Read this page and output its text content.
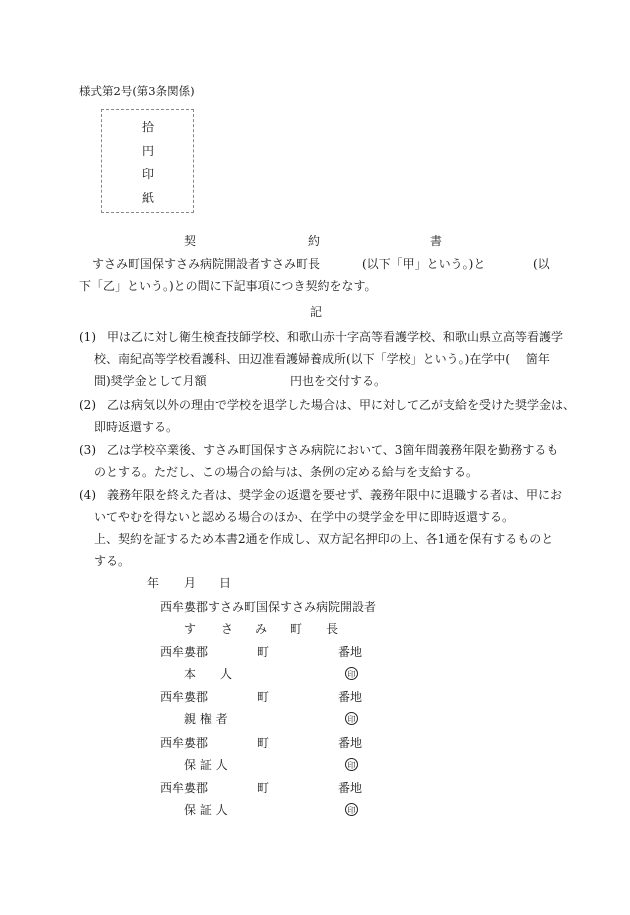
様式第2号(第3条関係)
拾
円
印
紙
契	約	書
すさみ町国保すさみ病院開設者すさみ町長	(以下「甲」という。)と	(以
下「乙」という。)との間に下記事項につき契約をなす。
記
(1) 甲は乙に対し衛生検査技師学校、和歌山赤十字高等看護学校、和歌山県立高等看護学
校、南紀高等学校看護科、田辺准看護婦養成所(以下「学校」という。)在学中(　 箇年
間)奨学金として月額	円也を交付する。
(2) 乙は病気以外の理由で学校を退学した場合は、甲に対して乙が支給を受けた奨学金は、
即時返還する。
(3) 乙は学校卒業後、すさみ町国保すさみ病院において、3箇年間義務年限を勤務するも
のとする。ただし、この場合の給与は、条例の定める給与を支給する。
(4) 義務年限を終えた者は、奨学金の返還を要せず、義務年限中に退職する者は、甲にお
いてやむを得ないと認める場合のほか、在学中の奨学金を甲に即時返還する。
上、契約を証するため本書2通を作成し、双方記名押印の上、各1通を保有するものと
する。
年 月 日
西牟婁郡すさみ町国保すさみ病院開設者
す さ み 町 長
西牟婁郡	町	番地
本　　人	印
西牟婁郡	町	番地
親 権 者	印
西牟婁郡	町	番地
保 証 人	印
西牟婁郡	町	番地
保 証 人	印
